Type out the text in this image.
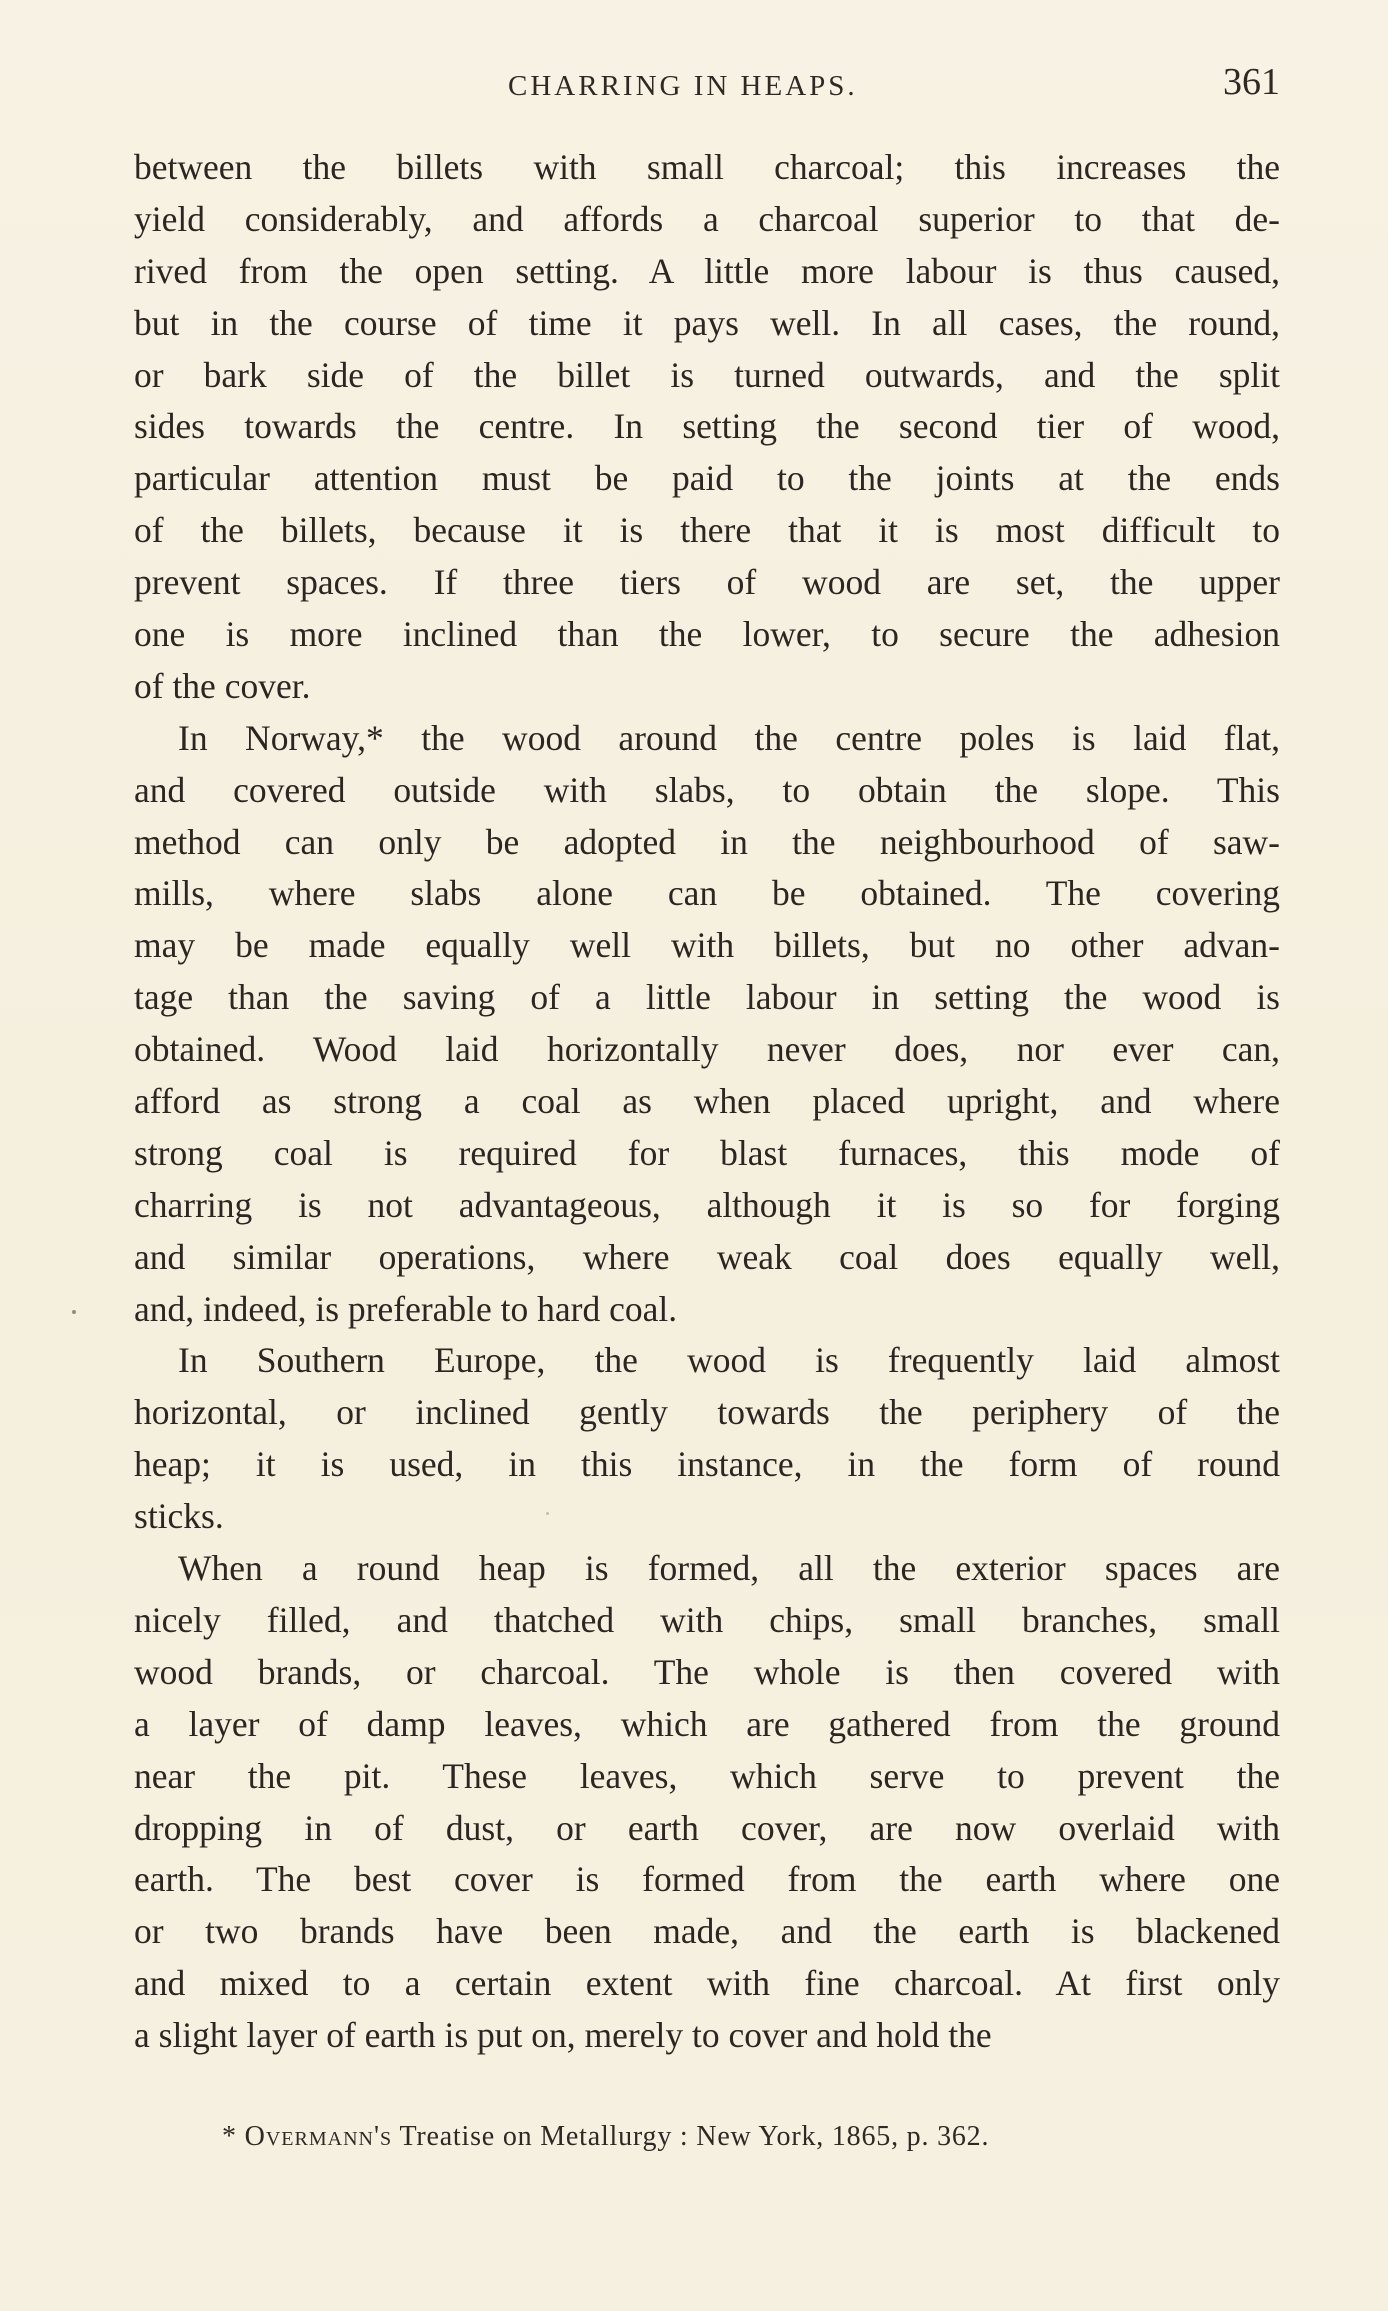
CHARRING IN HEAPS.	361
between the billets with small charcoal; this increases the
yield considerably, and affords a charcoal superior to that de-
rived from the open setting. A little more labour is thus caused,
but in the course of time it pays well. In all cases, the round,
or bark side of the billet is turned outwards, and the split
sides towards the centre. In setting the second tier of wood,
particular attention must be paid to the joints at the ends
of the billets, because it is there that it is most difficult to
prevent spaces. If three tiers of wood are set, the upper
one is more inclined than the lower, to secure the adhesion
of the cover.
In Norway,* the wood around the centre poles is laid flat,
and covered outside with slabs, to obtain the slope. This
method can only be adopted in the neighbourhood of saw-
mills, where slabs alone can be obtained. The covering
may be made equally well with billets, but no other advan-
tage than the saving of a little labour in setting the wood is
obtained. Wood laid horizontally never does, nor ever can,
afford as strong a coal as when placed upright, and where
strong coal is required for blast furnaces, this mode of
charring is not advantageous, although it is so for forging
and similar operations, where weak coal does equally well,
and, indeed, is preferable to hard coal.
In Southern Europe, the wood is frequently laid almost
horizontal, or inclined gently towards the periphery of the
heap; it is used, in this instance, in the form of round
sticks.
When a round heap is formed, all the exterior spaces are
nicely filled, and thatched with chips, small branches, small
wood brands, or charcoal. The whole is then covered with
a layer of damp leaves, which are gathered from the ground
near the pit. These leaves, which serve to prevent the
dropping in of dust, or earth cover, are now overlaid with
earth. The best cover is formed from the earth where one
or two brands have been made, and the earth is blackened
and mixed to a certain extent with fine charcoal. At first only
a slight layer of earth is put on, merely to cover and hold the
* Overmann's Treatise on Metallurgy : New York, 1865, p. 362.
